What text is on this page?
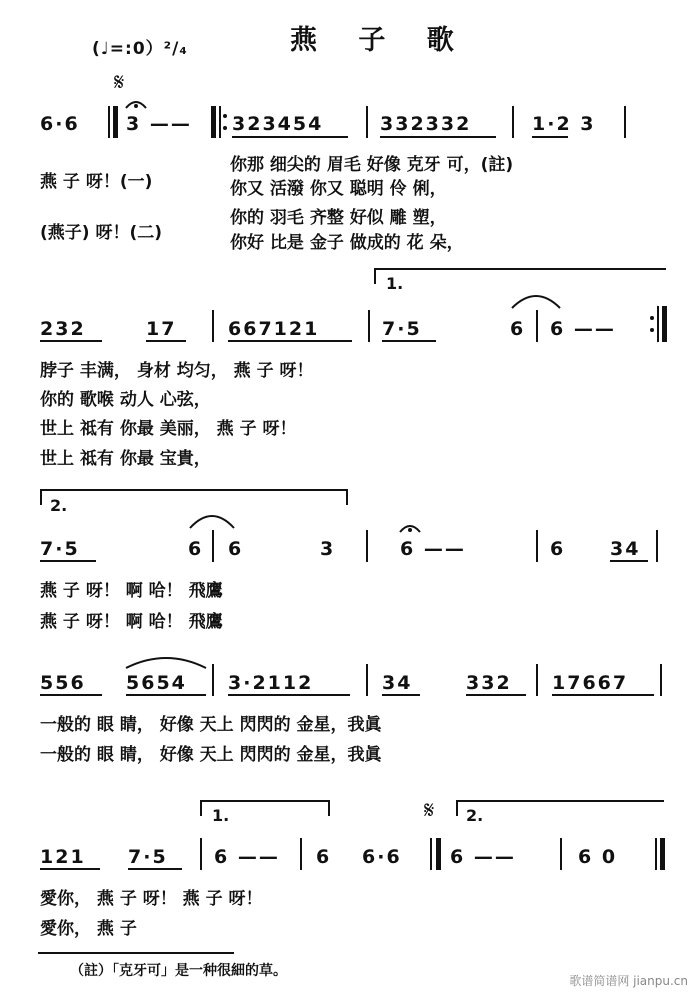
(♩=:0）²/₄	燕 子 歌
𝄋
6·6 3 —— 323454	332332	1·2 3
燕 子 呀！(一)
你那 细尖的 眉毛 好像 克牙 可，(註)
你又 活潑 你又 聪明 伶 俐，
(燕子) 呀！(二)
你的 羽毛 齐整 好似 雕 塑，
你好 比是 金子 做成的 花 朵，
1.
232	17	667121	7·5	6 6 ——
脖子 丰满， 身材 均匀， 燕 子 呀！
你的 歌喉 动人 心弦，
世上 祗有 你最 美丽， 燕 子 呀！
世上 祗有 你最 宝貴，
2.
7·5	6 6	3	6 ——	6 34
燕 子 呀！ 啊 哈！ 飛鷹
燕 子 呀！ 啊 哈！ 飛鷹
556 5654 3·2112	34	332 17667
一般的 眼 睛， 好像 天上 閃閃的 金星，我眞
一般的 眼 睛， 好像 天上 閃閃的 金星，我眞
1.	𝄋 2.
121 7·5 6 —— 6 6·6	6 ——	6 0
愛你， 燕 子 呀！ 燕 子 呀！
愛你， 燕 子
（註）「克牙可」是一种很細的草。
歌谱简谱网 jianpu.cn
